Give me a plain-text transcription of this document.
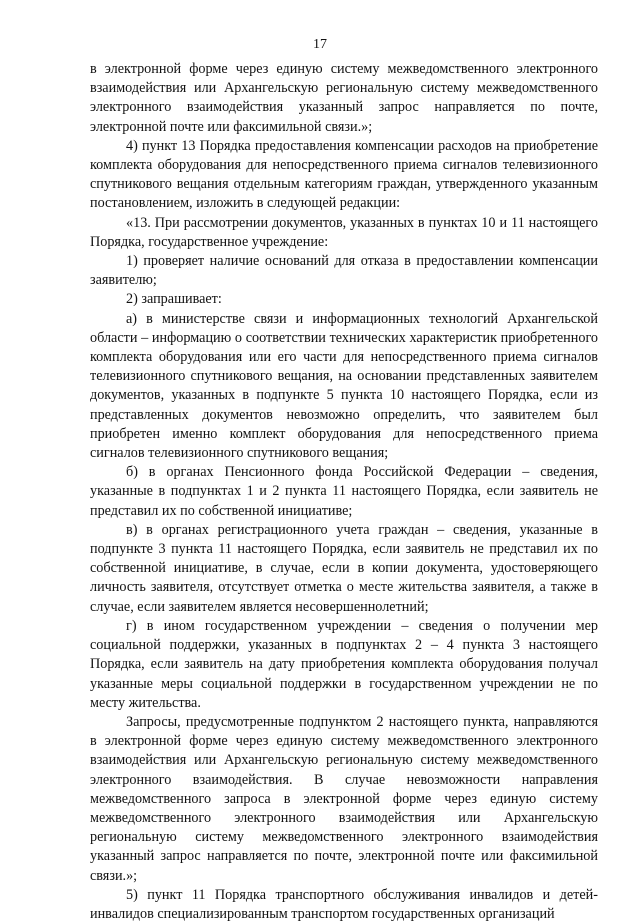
17

в электронной форме через единую систему межведомственного электронного взаимодействия или Архангельскую региональную систему межведомственного электронного взаимодействия указанный запрос направляется по почте, электронной почте или факсимильной связи.»;

4) пункт 13 Порядка предоставления компенсации расходов на приобретение комплекта оборудования для непосредственного приема сигналов телевизионного спутникового вещания отдельным категориям граждан, утвержденного указанным постановлением, изложить в следующей редакции:

«13. При рассмотрении документов, указанных в пунктах 10 и 11 настоящего Порядка, государственное учреждение:

1) проверяет наличие оснований для отказа в предоставлении компенсации заявителю;

2) запрашивает:

а) в министерстве связи и информационных технологий Архангельской области – информацию о соответствии технических характеристик приобретенного комплекта оборудования или его части для непосредственного приема сигналов телевизионного спутникового вещания, на основании представленных заявителем документов, указанных в подпункте 5 пункта 10 настоящего Порядка, если из представленных документов невозможно определить, что заявителем был приобретен именно комплект оборудования для непосредственного приема сигналов телевизионного спутникового вещания;

б) в органах Пенсионного фонда Российской Федерации – сведения, указанные в подпунктах 1 и 2 пункта 11 настоящего Порядка, если заявитель не представил их по собственной инициативе;

в) в органах регистрационного учета граждан – сведения, указанные в подпункте 3 пункта 11 настоящего Порядка, если заявитель не представил их по собственной инициативе, в случае, если в копии документа, удостоверяющего личность заявителя, отсутствует отметка о месте жительства заявителя, а также в случае, если заявителем является несовершеннолетний;

г) в ином государственном учреждении – сведения о получении мер социальной поддержки, указанных в подпунктах 2 – 4 пункта 3 настоящего Порядка, если заявитель на дату приобретения комплекта оборудования получал указанные меры социальной поддержки в государственном учреждении не по месту жительства.

Запросы, предусмотренные подпунктом 2 настоящего пункта, направляются в электронной форме через единую систему межведомственного электронного взаимодействия или Архангельскую региональную систему межведомственного электронного взаимодействия. В случае невозможности направления межведомственного запроса в электронной форме через единую систему межведомственного электронного взаимодействия или Архангельскую региональную систему межведомственного электронного взаимодействия указанный запрос направляется по почте, электронной почте или факсимильной связи.»;

5) пункт 11 Порядка транспортного обслуживания инвалидов и детей-инвалидов специализированным транспортом государственных организаций
